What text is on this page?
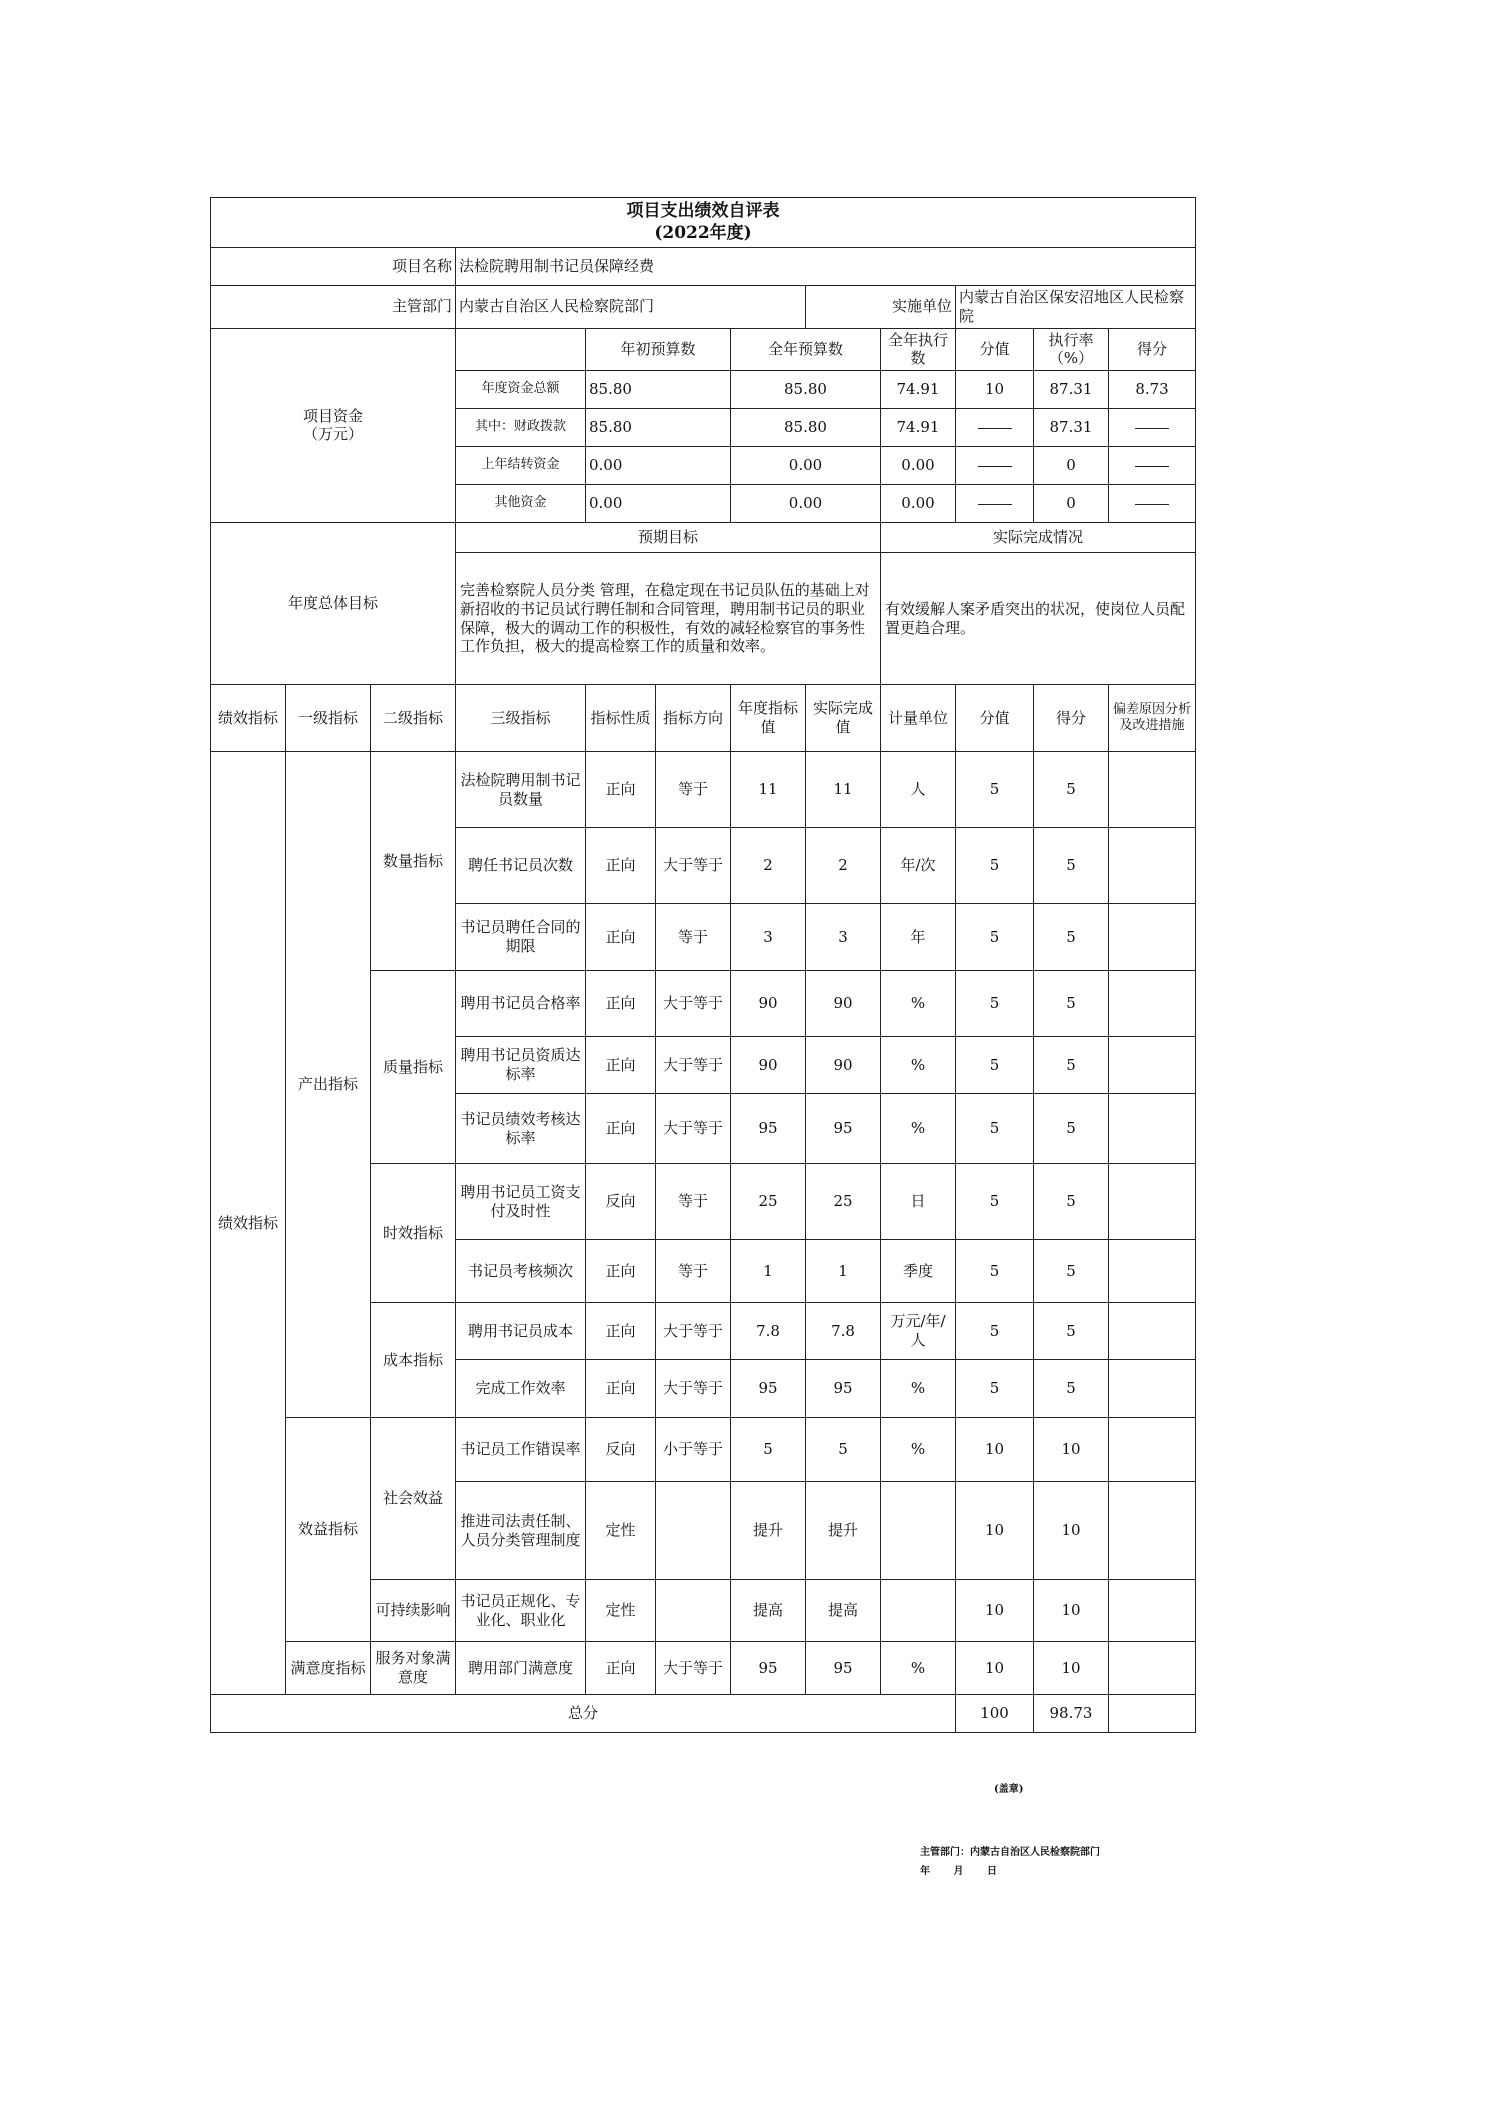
项目支出绩效自评表
(2022年度)											

项目名称			法检院聘用制书记员保障经费								
主管部门			内蒙古自治区人民检察院部门				实施单位		内蒙古自治区保安沼地区人民检察院		
项目资金
（万元）				年初预算数		全年预算数		全年执行数	分值	执行率（%）	得分
			年度资金总额	85.80		85.80		74.91	10	87.31	8.73
			其中：财政拨款	85.80		85.80		74.91		87.31	
			上年结转资金	0.00		0.00		0.00		0	
			其他资金	0.00		0.00		0.00		0	
年度总体目标			预期目标					实际完成情况			
			完善检察院人员分类 管理，在稳定现在书记员队伍的基础上对新招收的书记员试行聘任制和合同管理，聘用制书记员的职业保障，极大的调动工作的积极性，有效的减轻检察官的事务性工作负担，极大的提高检察工作的质量和效率。					有效缓解人案矛盾突出的状况，使岗位人员配置更趋合理。			
绩效指标	一级指标	二级指标	三级指标	指标性质	指标方向	年度指标值	实际完成值	计量单位	分值	得分	偏差原因分析及改进措施
绩效指标	产出指标	数量指标	法检院聘用制书记员数量	正向	等于	11	11	人	5	5	
			聘任书记员次数	正向	大于等于	2	2	年/次	5	5	
			书记员聘任合同的期限	正向	等于	3	3	年	5	5	
		质量指标	聘用书记员合格率	正向	大于等于	90	90	%	5	5	
			聘用书记员资质达标率	正向	大于等于	90	90	%	5	5	
			书记员绩效考核达标率	正向	大于等于	95	95	%	5	5	
		时效指标	聘用书记员工资支付及时性	反向	等于	25	25	日	5	5	
			书记员考核频次	正向	等于	1	1	季度	5	5	
		成本指标	聘用书记员成本	正向	大于等于	7.8	7.8	万元/年/人	5	5	
			完成工作效率	正向	大于等于	95	95	%	5	5	
	效益指标	社会效益	书记员工作错误率	反向	小于等于	5	5	%	10	10	
			推进司法责任制、人员分类管理制度	定性		提升	提升		10	10	
		可持续影响	书记员正规化、专业化、职业化	定性		提高	提高		10	10	
	满意度指标	服务对象满意度	聘用部门满意度	正向	大于等于	95	95	%	10	10	
总分									100	98.73	
(盖章)
主管部门：内蒙古自治区人民检察院部门
年 月 日
